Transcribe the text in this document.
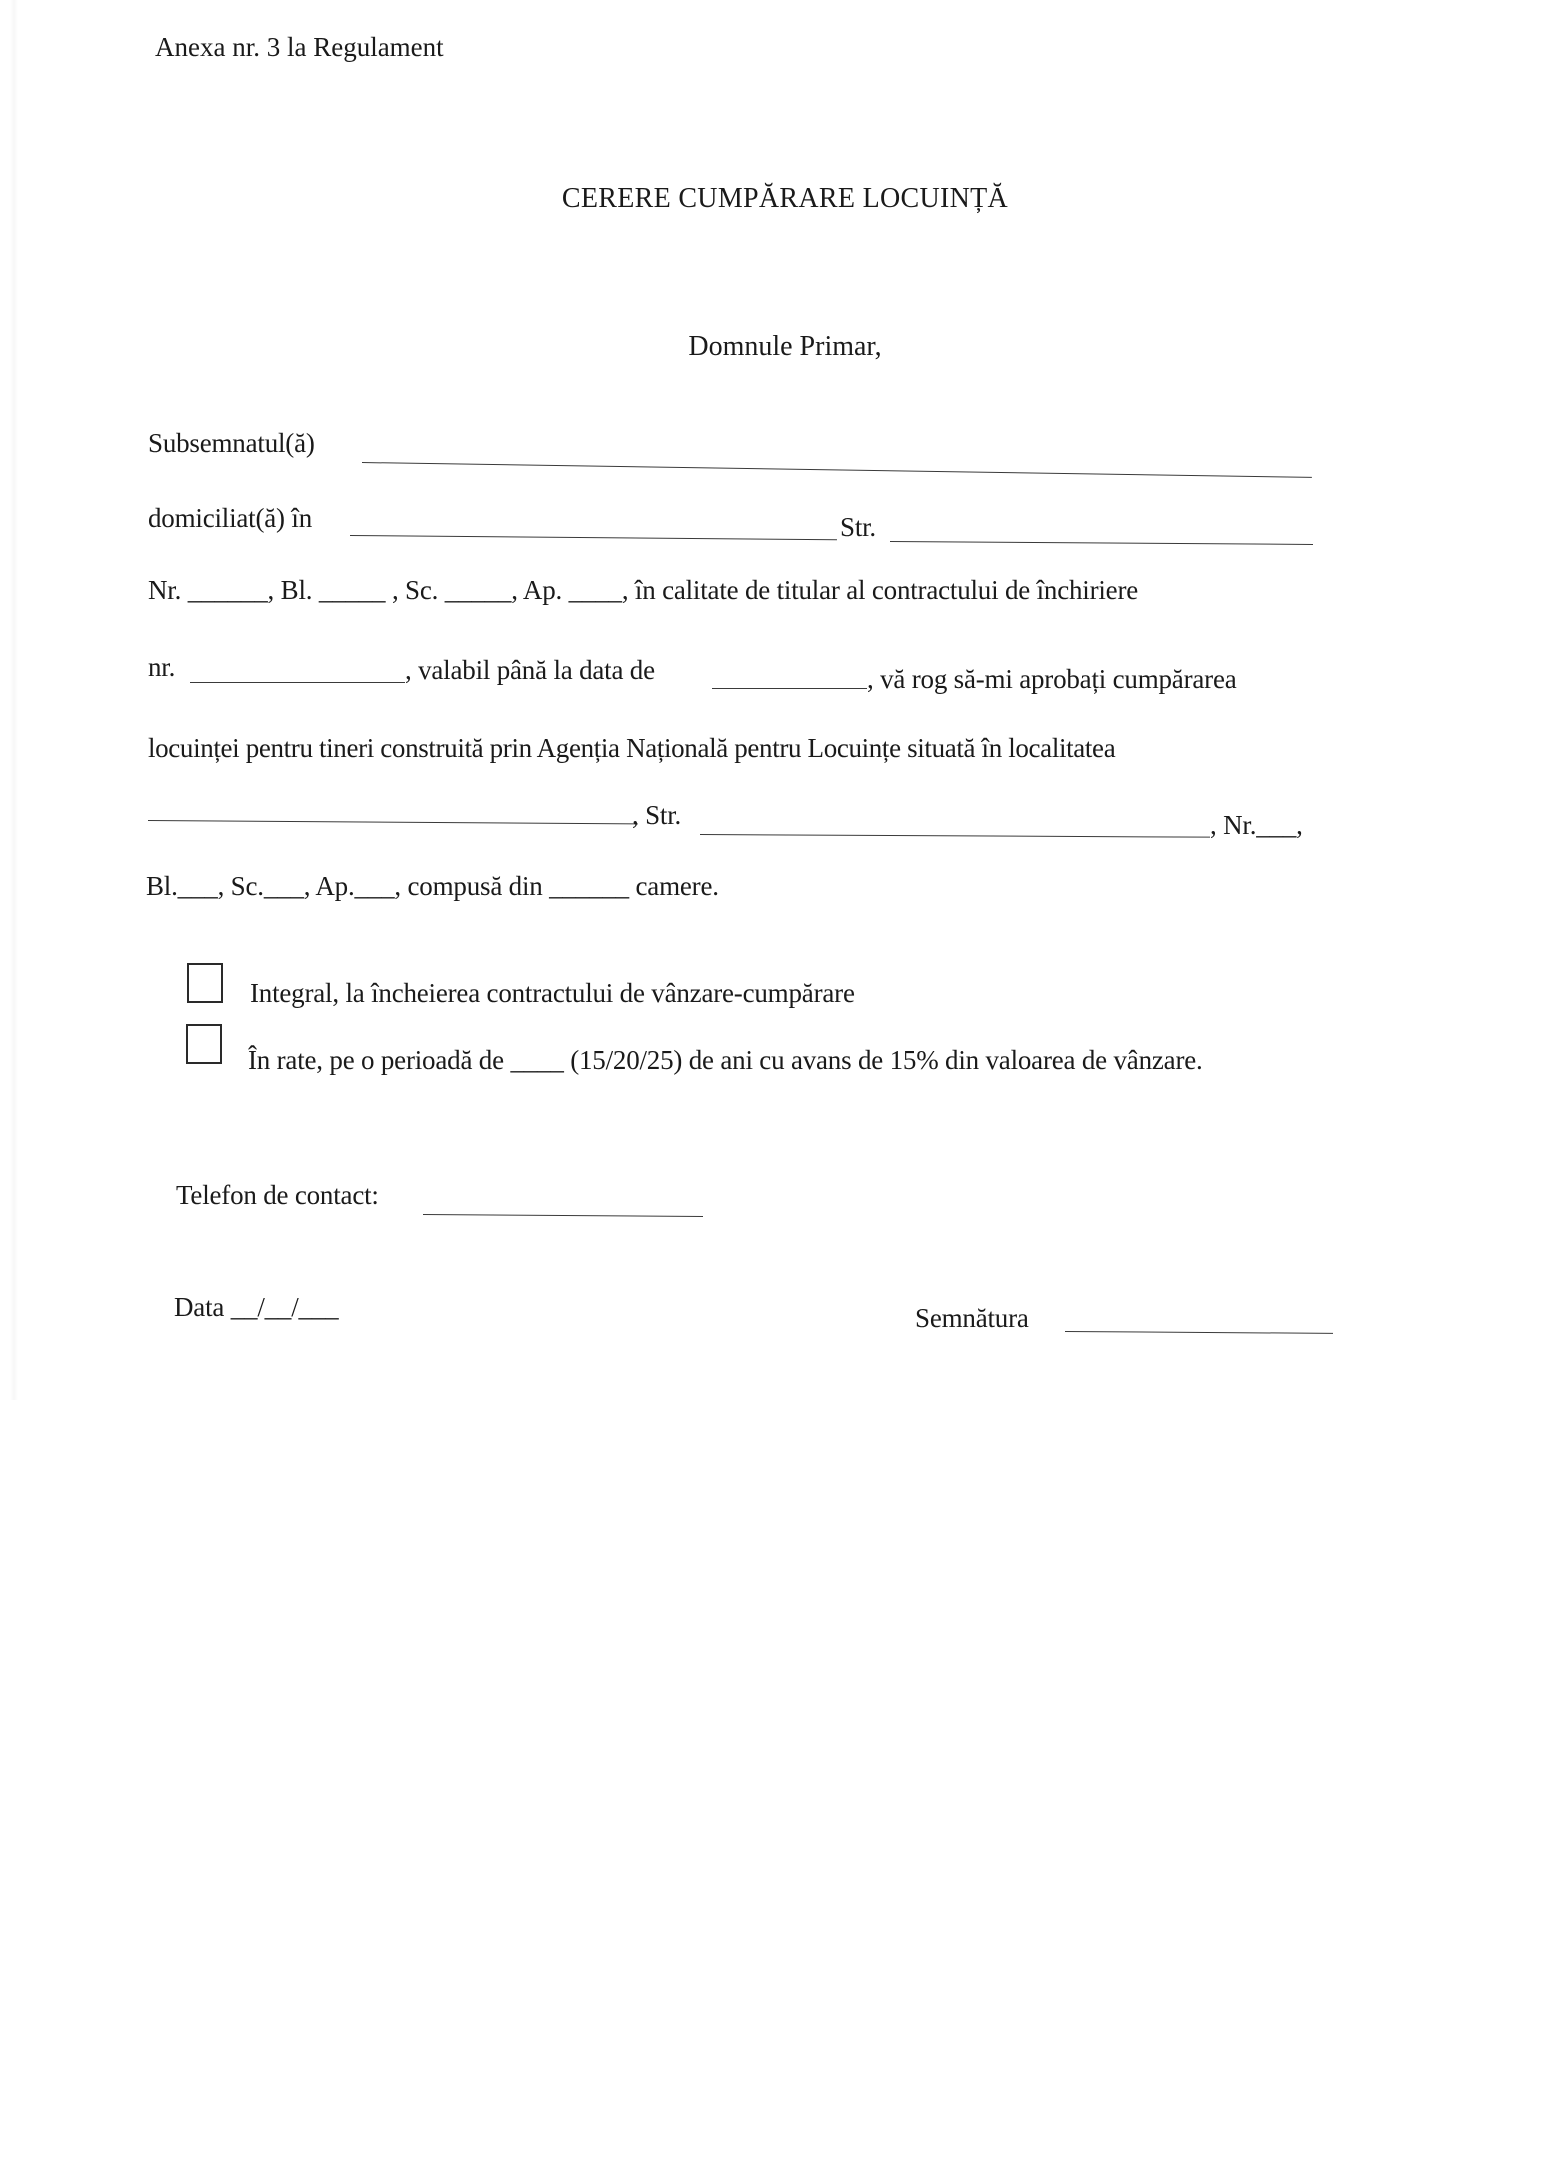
Anexa nr. 3 la Regulament
CERERE CUMPĂRARE LOCUINȚĂ
Domnule Primar,
Subsemnatul(ă)
domiciliat(ă) în	Str.
Nr. ______, Bl. _____ , Sc. _____, Ap. ____, în calitate de titular al contractului de închiriere
nr.	, valabil până la data de	, vă rog să-mi aprobați cumpărarea
locuinței pentru tineri construită prin Agenția Națională pentru Locuințe situată în localitatea
, Str.	, Nr.___,
Bl.___, Sc.___, Ap.___, compusă din ______ camere.
Integral, la încheierea contractului de vânzare-cumpărare
În rate, pe o perioadă de ____ (15/20/25) de ani cu avans de 15% din valoarea de vânzare.
Telefon de contact:
Data __/__/___	Semnătura
